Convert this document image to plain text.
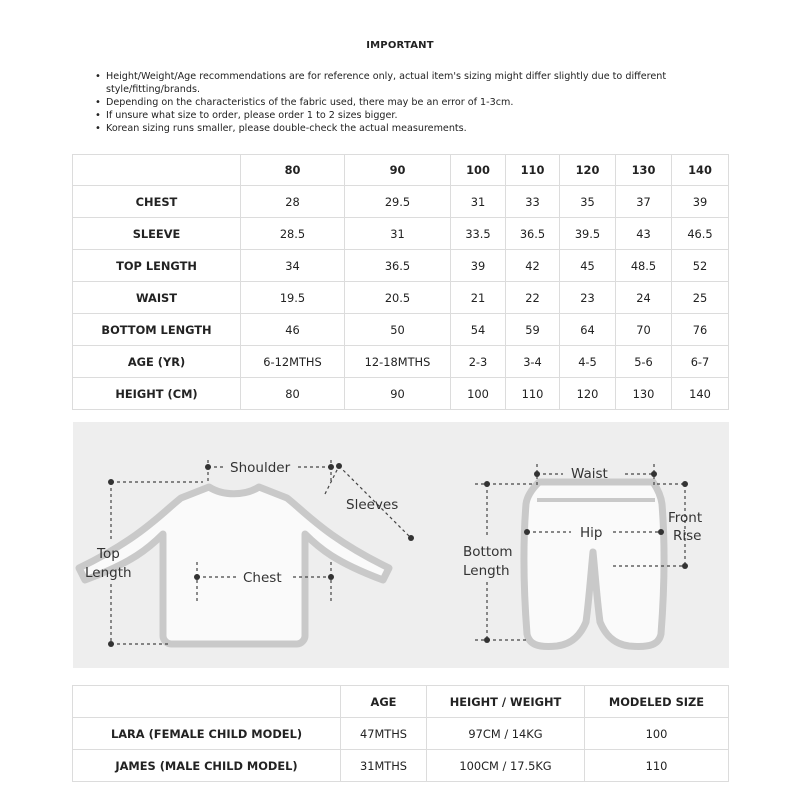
IMPORTANT
• Height/Weight/Age recommendations are for reference only, actual item's sizing might differ slightly due to different style/fitting/brands.
• Depending on the characteristics of the fabric used, there may be an error of 1-3cm.
• If unsure what size to order, please order 1 to 2 sizes bigger.
• Korean sizing runs smaller, please double-check the actual measurements.
	80	90	100	110	120	130	140
CHEST	28	29.5	31	33	35	37	39
SLEEVE	28.5	31	33.5	36.5	39.5	43	46.5
TOP LENGTH	34	36.5	39	42	45	48.5	52
WAIST	19.5	20.5	21	22	23	24	25
BOTTOM LENGTH	46	50	54	59	64	70	76
AGE (YR)	6-12MTHS	12-18MTHS	2-3	3-4	4-5	5-6	6-7
HEIGHT (CM)	80	90	100	110	120	130	140
Shoulder
Sleeves
Top
Length	Chest
Waist
Hip
Front
Rise
Bottom
Length
	AGE	HEIGHT / WEIGHT	MODELED SIZE
LARA (FEMALE CHILD MODEL)	47MTHS	97CM / 14KG	100
JAMES (MALE CHILD MODEL)	31MTHS	100CM / 17.5KG	110
